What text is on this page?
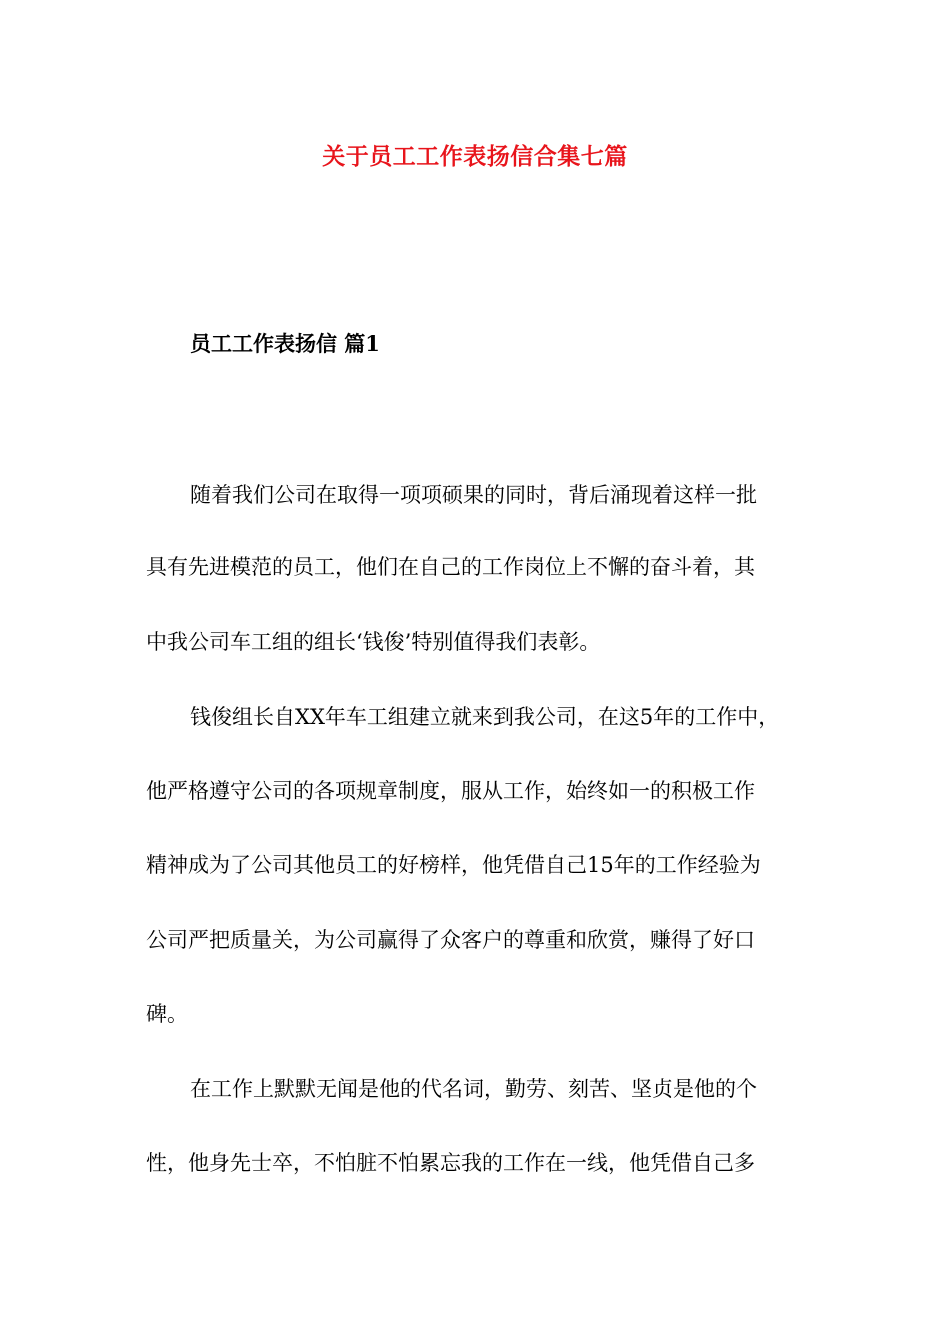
关于员工工作表扬信合集七篇
员工工作表扬信 篇1

随着我们公司在取得一项项硕果的同时，背后涌现着这样一批

具有先进模范的员工，他们在自己的工作岗位上不懈的奋斗着，其

中我公司车工组的组长‘钱俊’特别值得我们表彰。

钱俊组长自XX年车工组建立就来到我公司，在这5年的工作中，

他严格遵守公司的各项规章制度，服从工作，始终如一的积极工作

精神成为了公司其他员工的好榜样，他凭借自己15年的工作经验为

公司严把质量关，为公司赢得了众客户的尊重和欣赏，赚得了好口

碑。

在工作上默默无闻是他的代名词，勤劳、刻苦、坚贞是他的个

性，他身先士卒，不怕脏不怕累忘我的工作在一线，他凭借自己多
